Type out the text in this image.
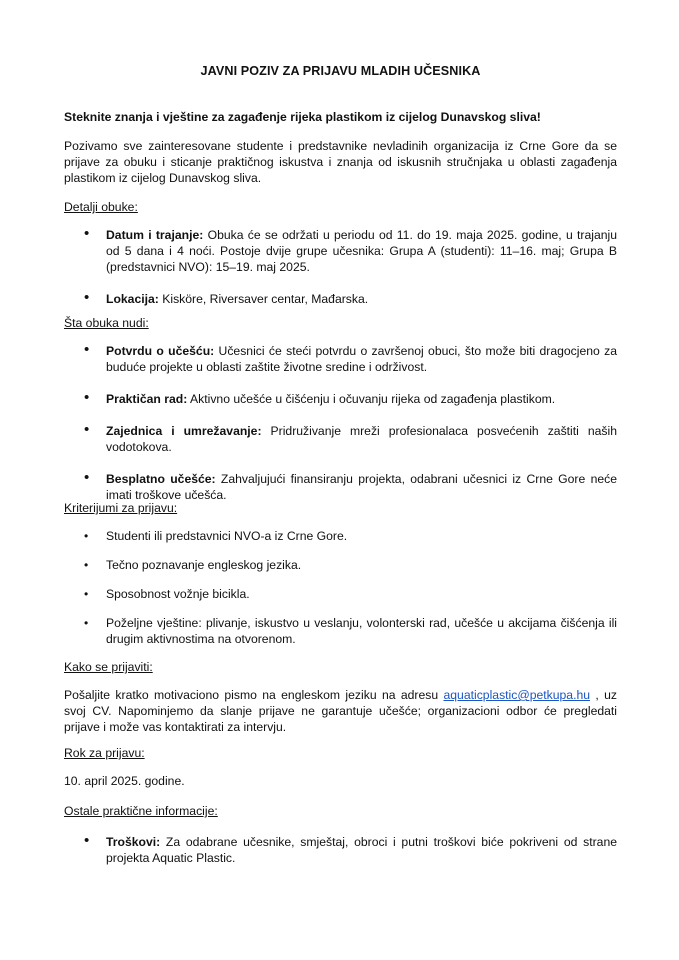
JAVNI POZIV ZA PRIJAVU MLADIH UČESNIKA
Steknite znanja i vještine za zagađenje rijeka plastikom iz cijelog Dunavskog sliva!
Pozivamo sve zainteresovane studente i predstavnike nevladinih organizacija iz Crne Gore da se prijave za obuku i sticanje praktičnog iskustva i znanja od iskusnih stručnjaka u oblasti zagađenja plastikom iz cijelog Dunavskog sliva.
Detalji obuke:
• Datum i trajanje: Obuka će se održati u periodu od 11. do 19. maja 2025. godine, u trajanju od 5 dana i 4 noći. Postoje dvije grupe učesnika: Grupa A (studenti): 11–16. maj; Grupa B (predstavnici NVO): 15–19. maj 2025.
• Lokacija: Kisköre, Riversaver centar, Mađarska.
Šta obuka nudi:
• Potvrdu o učešću: Učesnici će steći potvrdu o završenoj obuci, što može biti dragocjeno za buduće projekte u oblasti zaštite životne sredine i održivost.
• Praktičan rad: Aktivno učešće u čišćenju i očuvanju rijeka od zagađenja plastikom.
• Zajednica i umrežavanje: Pridruživanje mreži profesionalaca posvećenih zaštiti naših vodotokova.
• Besplatno učešće: Zahvaljujući finansiranju projekta, odabrani učesnici iz Crne Gore neće imati troškove učešća.
Kriterijumi za prijavu:
• Studenti ili predstavnici NVO-a iz Crne Gore.
• Tečno poznavanje engleskog jezika.
• Sposobnost vožnje bicikla.
• Poželjne vještine: plivanje, iskustvo u veslanju, volonterski rad, učešće u akcijama čišćenja ili drugim aktivnostima na otvorenom.
Kako se prijaviti:
Pošaljite kratko motivaciono pismo na engleskom jeziku na adresu aquaticplastic@petkupa.hu , uz svoj CV. Napominjemo da slanje prijave ne garantuje učešće; organizacioni odbor će pregledati prijave i može vas kontaktirati za intervju.
Rok za prijavu:
10. april 2025. godine.
Ostale praktične informacije:
• Troškovi: Za odabrane učesnike, smještaj, obroci i putni troškovi biće pokriveni od strane projekta Aquatic Plastic.
